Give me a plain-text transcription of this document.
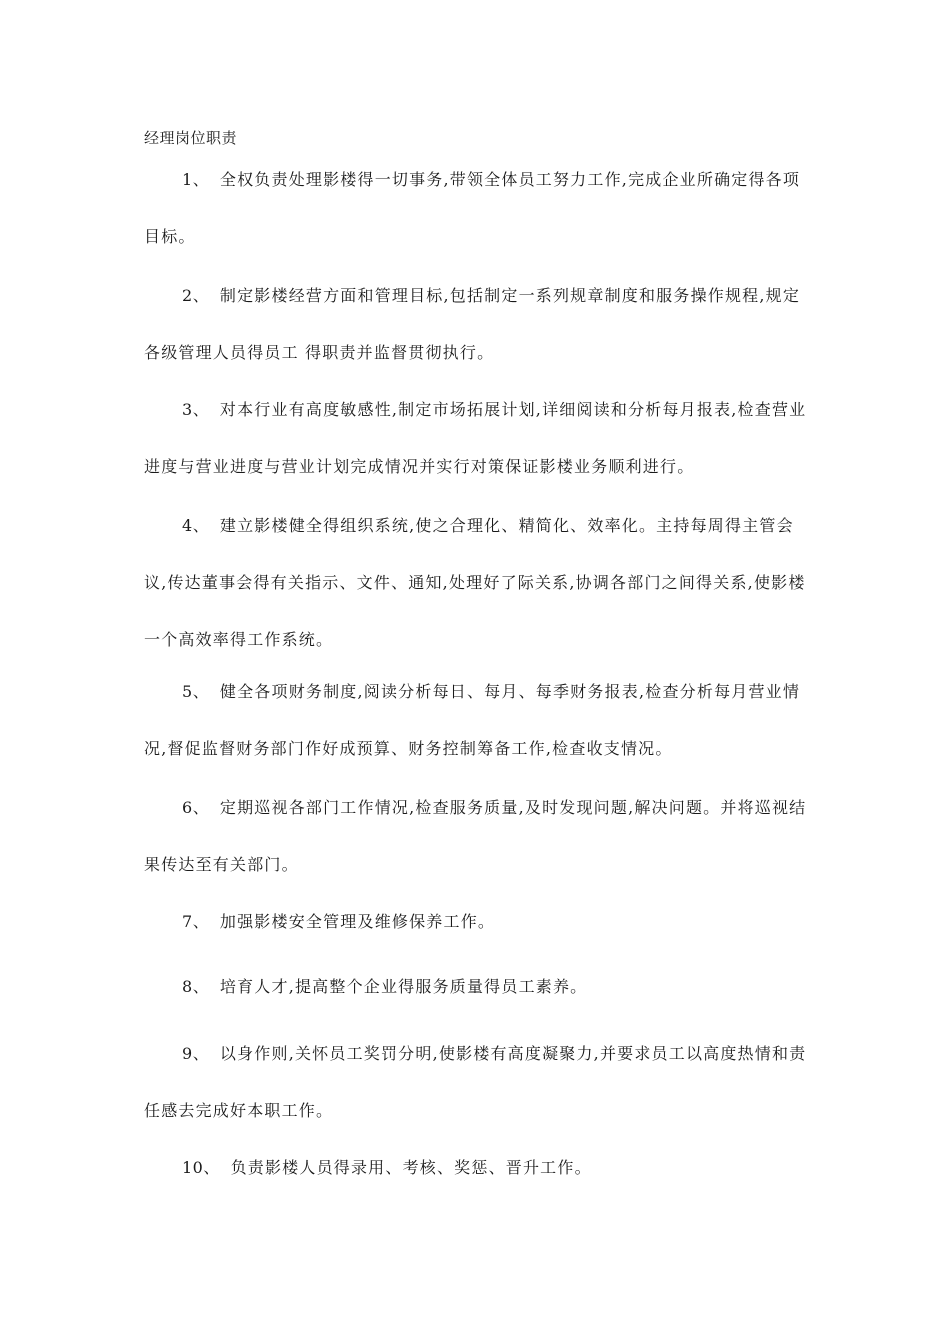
经理岗位职责

1、 全权负责处理影楼得一切事务,带领全体员工努力工作,完成企业所确定得各项目标。

2、 制定影楼经营方面和管理目标,包括制定一系列规章制度和服务操作规程,规定各级管理人员得员工 得职责并监督贯彻执行。

3、 对本行业有高度敏感性,制定市场拓展计划,详细阅读和分析每月报表,检查营业进度与营业进度与营业计划完成情况并实行对策保证影楼业务顺利进行。

4、 建立影楼健全得组织系统,使之合理化、精简化、效率化。主持每周得主管会议,传达董事会得有关指示、文件、通知,处理好了际关系,协调各部门之间得关系,使影楼一个高效率得工作系统。

5、 健全各项财务制度,阅读分析每日、每月、每季财务报表,检查分析每月营业情况,督促监督财务部门作好成预算、财务控制筹备工作,检查收支情况。

6、 定期巡视各部门工作情况,检查服务质量,及时发现问题,解决问题。并将巡视结果传达至有关部门。

7、 加强影楼安全管理及维修保养工作。

8、 培育人才,提高整个企业得服务质量得员工素养。

9、 以身作则,关怀员工奖罚分明,使影楼有高度凝聚力,并要求员工以高度热情和责任感去完成好本职工作。

10、 负责影楼人员得录用、考核、奖惩、晋升工作。
